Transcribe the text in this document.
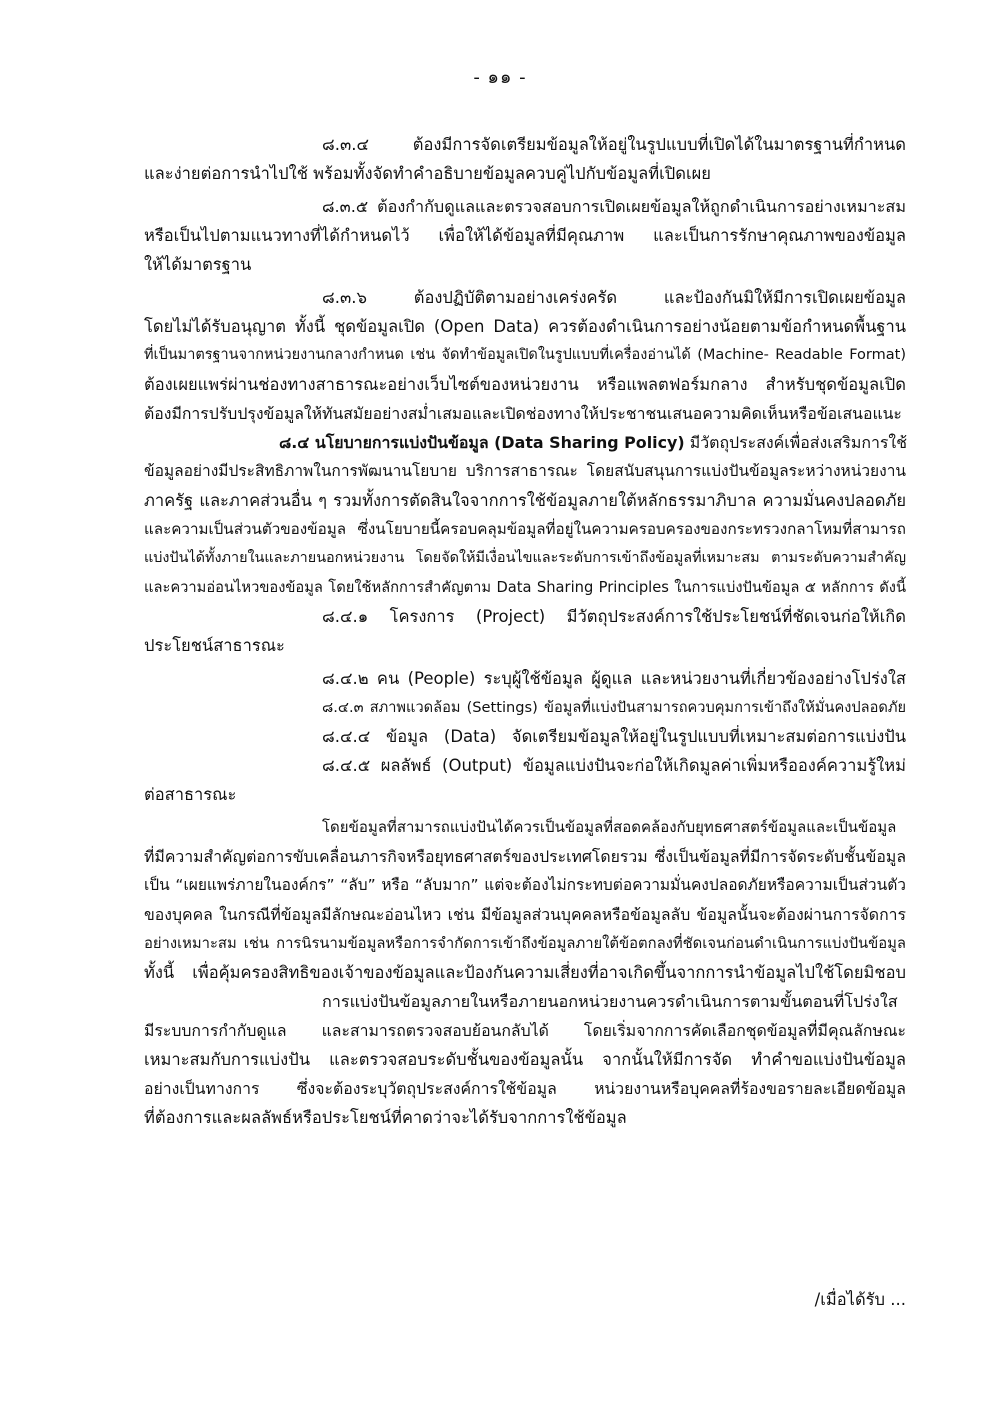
- ๑๑ -
๘.๓.๔ ต้องมีการจัดเตรียมข้อมูลให้อยู่ในรูปแบบที่เปิดได้ในมาตรฐานที่กำหนด
และง่ายต่อการนำไปใช้ พร้อมทั้งจัดทำคำอธิบายข้อมูลควบคู่ไปกับข้อมูลที่เปิดเผย
๘.๓.๕ ต้องกำกับดูแลและตรวจสอบการเปิดเผยข้อมูลให้ถูกดำเนินการอย่างเหมาะสม
หรือเป็นไปตามแนวทางที่ได้กำหนดไว้ เพื่อให้ได้ข้อมูลที่มีคุณภาพ และเป็นการรักษาคุณภาพของข้อมูล
ให้ได้มาตรฐาน
๘.๓.๖ ต้องปฏิบัติตามอย่างเคร่งครัด และป้องกันมิให้มีการเปิดเผยข้อมูล
โดยไม่ได้รับอนุญาต ทั้งนี้ ชุดข้อมูลเปิด (Open Data) ควรต้องดำเนินการอย่างน้อยตามข้อกำหนดพื้นฐาน
ที่เป็นมาตรฐานจากหน่วยงานกลางกำหนด เช่น จัดทำข้อมูลเปิดในรูปแบบที่เครื่องอ่านได้ (Machine- Readable Format)
ต้องเผยแพร่ผ่านช่องทางสาธารณะอย่างเว็บไซต์ของหน่วยงาน หรือแพลตฟอร์มกลาง สำหรับชุดข้อมูลเปิด
ต้องมีการปรับปรุงข้อมูลให้ทันสมัยอย่างสม่ำเสมอและเปิดช่องทางให้ประชาชนเสนอความคิดเห็นหรือข้อเสนอแนะ
๘.๔ นโยบายการแบ่งปันข้อมูล (Data Sharing Policy) มีวัตถุประสงค์เพื่อส่งเสริมการใช้
ข้อมูลอย่างมีประสิทธิภาพในการพัฒนานโยบาย บริการสาธารณะ โดยสนับสนุนการแบ่งปันข้อมูลระหว่างหน่วยงาน
ภาครัฐ และภาคส่วนอื่น ๆ รวมทั้งการตัดสินใจจากการใช้ข้อมูลภายใต้หลักธรรมาภิบาล ความมั่นคงปลอดภัย
และความเป็นส่วนตัวของข้อมูล ซึ่งนโยบายนี้ครอบคลุมข้อมูลที่อยู่ในความครอบครองของกระทรวงกลาโหมที่สามารถ
แบ่งปันได้ทั้งภายในและภายนอกหน่วยงาน โดยจัดให้มีเงื่อนไขและระดับการเข้าถึงข้อมูลที่เหมาะสม ตามระดับความสำคัญ
และความอ่อนไหวของข้อมูล โดยใช้หลักการสำคัญตาม Data Sharing Principles ในการแบ่งปันข้อมูล ๕ หลักการ ดังนี้
๘.๔.๑ โครงการ (Project) มีวัตถุประสงค์การใช้ประโยชน์ที่ชัดเจนก่อให้เกิด
ประโยชน์สาธารณะ
๘.๔.๒ คน (People) ระบุผู้ใช้ข้อมูล ผู้ดูแล และหน่วยงานที่เกี่ยวข้องอย่างโปร่งใส
๘.๔.๓ สภาพแวดล้อม (Settings) ข้อมูลที่แบ่งปันสามารถควบคุมการเข้าถึงให้มั่นคงปลอดภัย
๘.๔.๔ ข้อมูล (Data) จัดเตรียมข้อมูลให้อยู่ในรูปแบบที่เหมาะสมต่อการแบ่งปัน
๘.๔.๕ ผลลัพธ์ (Output) ข้อมูลแบ่งปันจะก่อให้เกิดมูลค่าเพิ่มหรือองค์ความรู้ใหม่
ต่อสาธารณะ
โดยข้อมูลที่สามารถแบ่งปันได้ควรเป็นข้อมูลที่สอดคล้องกับยุทธศาสตร์ข้อมูลและเป็นข้อมูล
ที่มีความสำคัญต่อการขับเคลื่อนภารกิจหรือยุทธศาสตร์ของประเทศโดยรวม ซึ่งเป็นข้อมูลที่มีการจัดระดับชั้นข้อมูล
เป็น “เผยแพร่ภายในองค์กร” “ลับ” หรือ “ลับมาก” แต่จะต้องไม่กระทบต่อความมั่นคงปลอดภัยหรือความเป็นส่วนตัว
ของบุคคล ในกรณีที่ข้อมูลมีลักษณะอ่อนไหว เช่น มีข้อมูลส่วนบุคคลหรือข้อมูลลับ ข้อมูลนั้นจะต้องผ่านการจัดการ
อย่างเหมาะสม เช่น การนิรนามข้อมูลหรือการจำกัดการเข้าถึงข้อมูลภายใต้ข้อตกลงที่ชัดเจนก่อนดำเนินการแบ่งปันข้อมูล
ทั้งนี้ เพื่อคุ้มครองสิทธิของเจ้าของข้อมูลและป้องกันความเสี่ยงที่อาจเกิดขึ้นจากการนำข้อมูลไปใช้โดยมิชอบ
การแบ่งปันข้อมูลภายในหรือภายนอกหน่วยงานควรดำเนินการตามขั้นตอนที่โปร่งใส
มีระบบการกำกับดูแล และสามารถตรวจสอบย้อนกลับได้ โดยเริ่มจากการคัดเลือกชุดข้อมูลที่มีคุณลักษณะ
เหมาะสมกับการแบ่งปัน และตรวจสอบระดับชั้นของข้อมูลนั้น จากนั้นให้มีการจัด ทำคำขอแบ่งปันข้อมูล
อย่างเป็นทางการ ซึ่งจะต้องระบุวัตถุประสงค์การใช้ข้อมูล หน่วยงานหรือบุคคลที่ร้องขอรายละเอียดข้อมูล
ที่ต้องการและผลลัพธ์หรือประโยชน์ที่คาดว่าจะได้รับจากการใช้ข้อมูล
/เมื่อได้รับ ...
